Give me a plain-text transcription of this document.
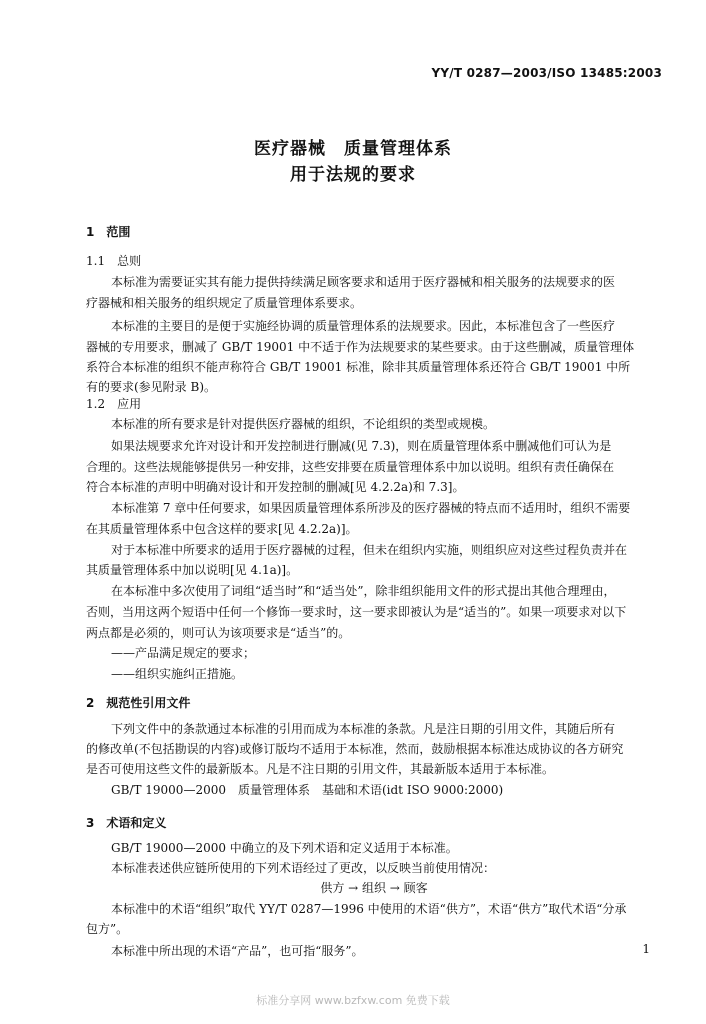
YY/T 0287—2003/ISO 13485:2003
医疗器械　质量管理体系
用于法规的要求
1　范围
1.1　总则
本标准为需要证实其有能力提供持续满足顾客要求和适用于医疗器械和相关服务的法规要求的医
疗器械和相关服务的组织规定了质量管理体系要求。
本标准的主要目的是便于实施经协调的质量管理体系的法规要求。因此，本标准包含了一些医疗
器械的专用要求，删减了 GB/T 19001 中不适于作为法规要求的某些要求。由于这些删减，质量管理体
系符合本标准的组织不能声称符合 GB/T 19001 标准，除非其质量管理体系还符合 GB/T 19001 中所
有的要求(参见附录 B)。
1.2　应用
本标准的所有要求是针对提供医疗器械的组织，不论组织的类型或规模。
如果法规要求允许对设计和开发控制进行删减(见 7.3)，则在质量管理体系中删减他们可认为是
合理的。这些法规能够提供另一种安排，这些安排要在质量管理体系中加以说明。组织有责任确保在
符合本标准的声明中明确对设计和开发控制的删减[见 4.2.2a)和 7.3]。
本标准第 7 章中任何要求，如果因质量管理体系所涉及的医疗器械的特点而不适用时，组织不需要
在其质量管理体系中包含这样的要求[见 4.2.2a)]。
对于本标准中所要求的适用于医疗器械的过程，但未在组织内实施，则组织应对这些过程负责并在
其质量管理体系中加以说明[见 4.1a)]。
在本标准中多次使用了词组“适当时”和“适当处”，除非组织能用文件的形式提出其他合理理由，
否则，当用这两个短语中任何一个修饰一要求时，这一要求即被认为是“适当的”。如果一项要求对以下
两点都是必须的，则可认为该项要求是“适当”的。
——产品满足规定的要求；
——组织实施纠正措施。
2　规范性引用文件
下列文件中的条款通过本标准的引用而成为本标准的条款。凡是注日期的引用文件，其随后所有
的修改单(不包括勘误的内容)或修订版均不适用于本标准，然而，鼓励根据本标准达成协议的各方研究
是否可使用这些文件的最新版本。凡是不注日期的引用文件，其最新版本适用于本标准。
GB/T 19000—2000　质量管理体系　基础和术语(idt ISO 9000:2000)
3　术语和定义
GB/T 19000—2000 中确立的及下列术语和定义适用于本标准。
本标准表述供应链所使用的下列术语经过了更改，以反映当前使用情况：
供方 → 组织 → 顾客
本标准中的术语“组织”取代 YY/T 0287—1996 中使用的术语“供方”，术语“供方”取代术语“分承
包方”。
本标准中所出现的术语“产品”，也可指“服务”。	1
标准分享网 www.bzfxw.com 免费下载
